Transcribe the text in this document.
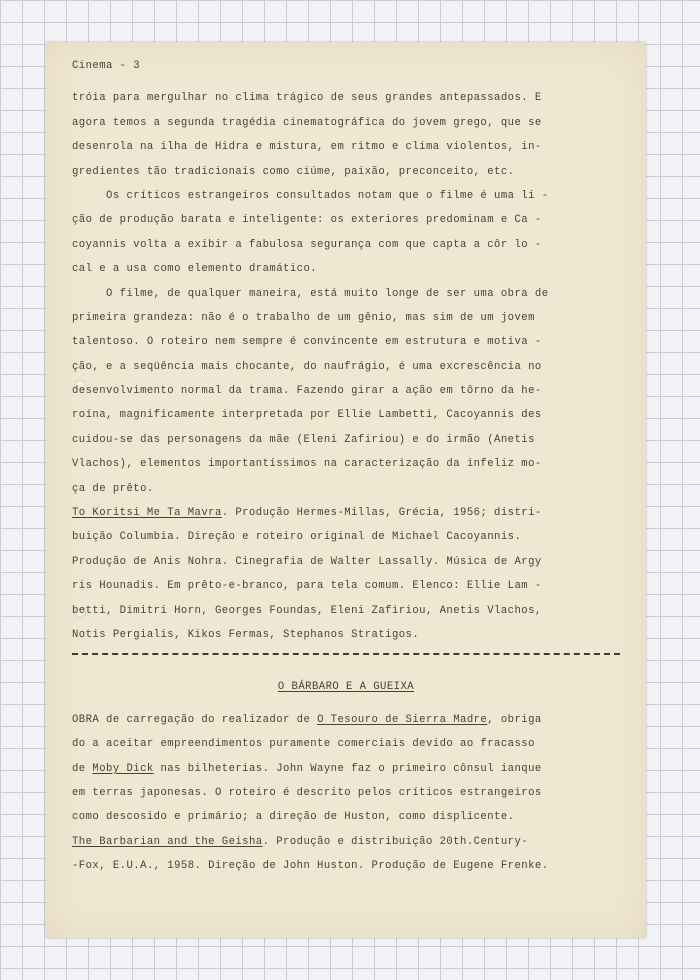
Cinema - 3
tróia para mergulhar no clima trágico de seus grandes antepassados. E
agora temos a segunda tragédia cinematográfica do jovem grego, que se
desenrola na ilha de Hidra e mistura, em ritmo e clima violentos, in-
gredientes tão tradicionais como ciúme, paixão, preconceito, etc.
Os críticos estrangeiros consultados notam que o filme é uma li -
ção de produção barata e inteligente: os exteriores predominam e Ca -
coyannis volta a exibir a fabulosa segurança com que capta a côr lo -
cal e a usa como elemento dramático.
O filme, de qualquer maneira, está muito longe de ser uma obra de
primeira grandeza: não é o trabalho de um gênio, mas sim de um jovem
talentoso. O roteiro nem sempre é convincente em estrutura e motiva -
ção, e a seqüência mais chocante, do naufrágio, é uma excrescência no
desenvolvimento normal da trama. Fazendo girar a ação em tôrno da he-
roína, magnificamente interpretada por Ellie Lambetti, Cacoyannis des
cuidou-se das personagens da mãe (Eleni Zafiriou) e do irmão (Anetis
Vlachos), elementos importantíssimos na caracterização da infeliz mo-
ça de prêto.
To Koritsi Me Ta Mavra. Produção Hermes-Millas, Grécia, 1956; distri-
buição Columbia. Direção e roteiro original de Michael Cacoyannis.
Produção de Anis Nohra. Cinegrafia de Walter Lassally. Música de Argy
ris Hounadis. Em prêto-e-branco, para tela comum. Elenco: Ellie Lam -
betti, Dimitri Horn, Georges Foundas, Eleni Zafiriou, Anetis Vlachos,
Notis Pergialis, Kikos Fermas, Stephanos Stratigos.
O BÁRBARO E A GUEIXA
OBRA de carregação do realizador de O Tesouro de Sierra Madre, obriga
do a aceitar empreendimentos puramente comerciais devido ao fracasso
de Moby Dick nas bilheterias. John Wayne faz o primeiro cônsul ianque
em terras japonesas. O roteiro é descrito pelos críticos estrangeiros
como descosido e primário; a direção de Huston, como displicente.
The Barbarian and the Geisha. Produção e distribuição 20th.Century-
-Fox, E.U.A., 1958. Direção de John Huston. Produção de Eugene Frenke.
